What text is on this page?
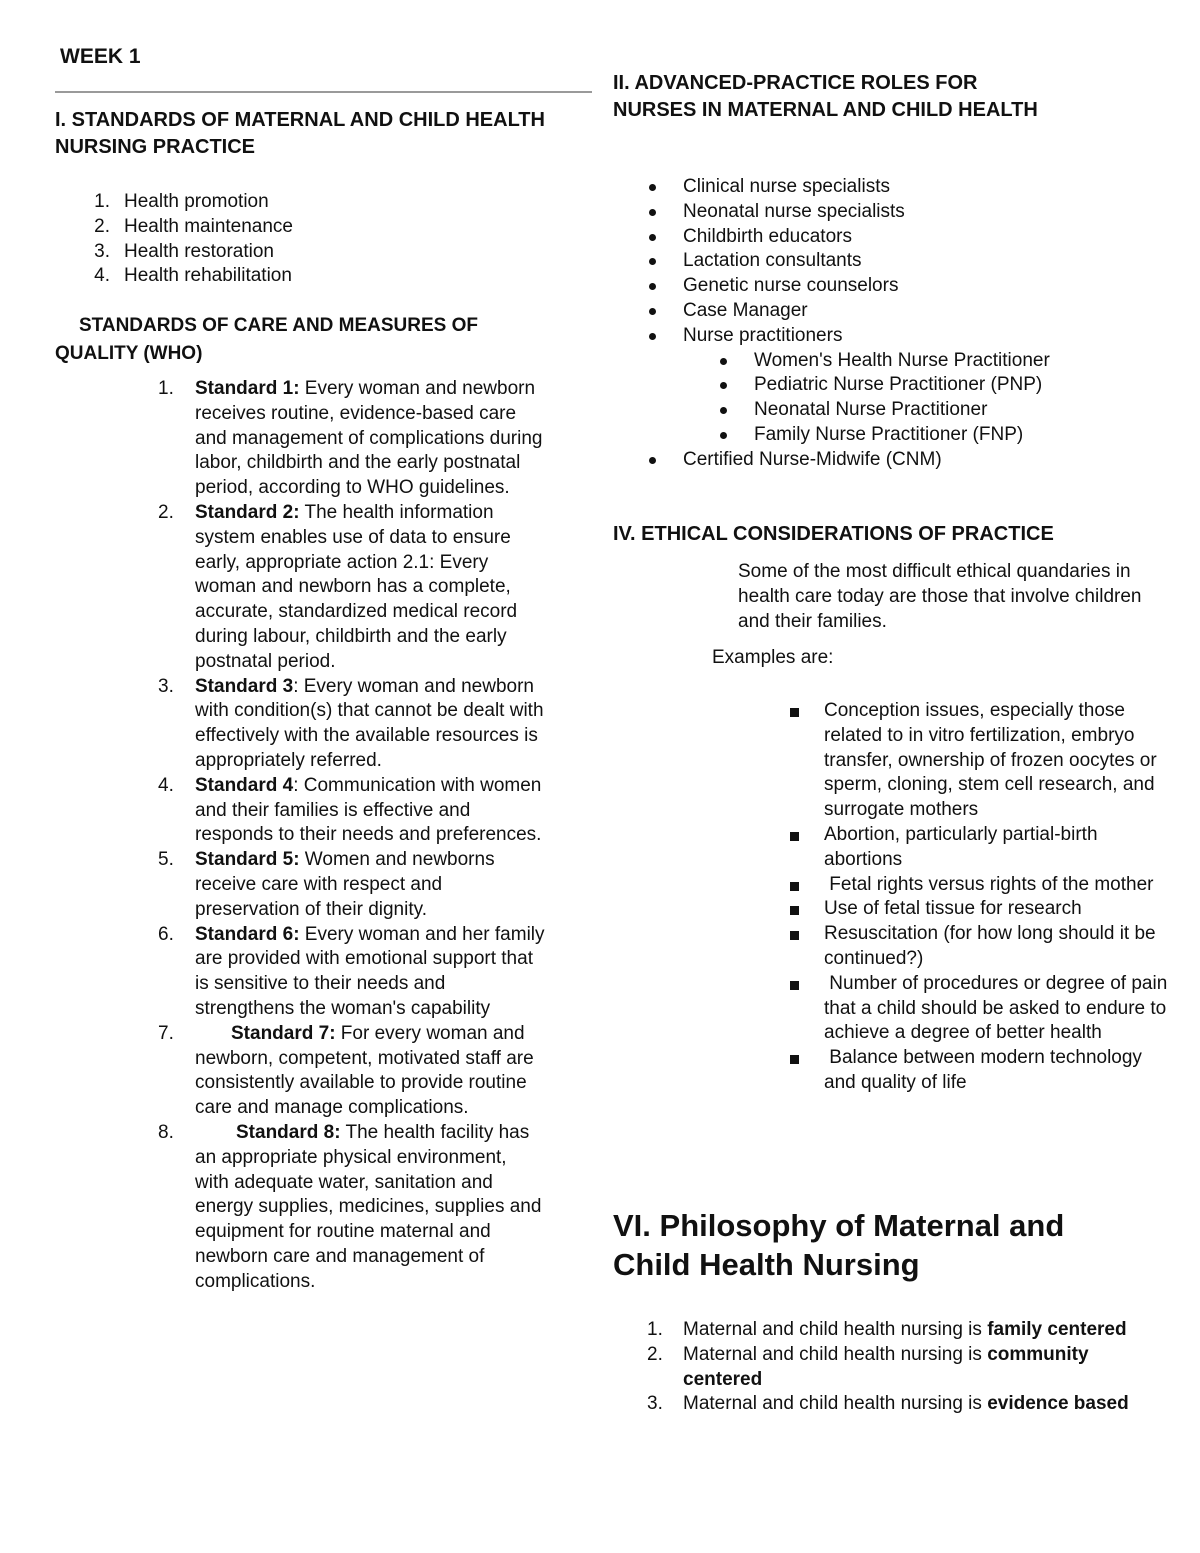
WEEK 1
I. STANDARDS OF MATERNAL AND CHILD HEALTH NURSING PRACTICE
1. Health promotion
2. Health maintenance
3. Health restoration
4. Health rehabilitation
STANDARDS OF CARE AND MEASURES OF QUALITY (WHO)
1. Standard 1: Every woman and newborn receives routine, evidence-based care and management of complications during labor, childbirth and the early postnatal period, according to WHO guidelines.
2. Standard 2: The health information system enables use of data to ensure early, appropriate action 2.1: Every woman and newborn has a complete, accurate, standardized medical record during labour, childbirth and the early postnatal period.
3. Standard 3: Every woman and newborn with condition(s) that cannot be dealt with effectively with the available resources is appropriately referred.
4. Standard 4: Communication with women and their families is effective and responds to their needs and preferences.
5. Standard 5: Women and newborns receive care with respect and preservation of their dignity.
6. Standard 6: Every woman and her family are provided with emotional support that is sensitive to their needs and strengthens the woman's capability
7.	Standard 7: For every woman and newborn, competent, motivated staff are consistently available to provide routine care and manage complications.
8.	Standard 8: The health facility has an appropriate physical environment, with adequate water, sanitation and energy supplies, medicines, supplies and equipment for routine maternal and newborn care and management of complications.
II. ADVANCED-PRACTICE ROLES FOR NURSES IN MATERNAL AND CHILD HEALTH
Clinical nurse specialists
Neonatal nurse specialists
Childbirth educators
Lactation consultants
Genetic nurse counselors
Case Manager
Nurse practitioners
Women's Health Nurse Practitioner
Pediatric Nurse Practitioner (PNP)
Neonatal Nurse Practitioner
Family Nurse Practitioner (FNP)
Certified Nurse-Midwife (CNM)
IV. ETHICAL CONSIDERATIONS OF PRACTICE
Some of the most difficult ethical quandaries in health care today are those that involve children and their families.
Examples are:
Conception issues, especially those related to in vitro fertilization, embryo transfer, ownership of frozen oocytes or sperm, cloning, stem cell research, and surrogate mothers
Abortion, particularly partial-birth abortions
Fetal rights versus rights of the mother
Use of fetal tissue for research
Resuscitation (for how long should it be continued?)
Number of procedures or degree of pain that a child should be asked to endure to achieve a degree of better health
Balance between modern technology and quality of life
VI. Philosophy of Maternal and Child Health Nursing
1. Maternal and child health nursing is family centered
2. Maternal and child health nursing is community centered
3. Maternal and child health nursing is evidence based
